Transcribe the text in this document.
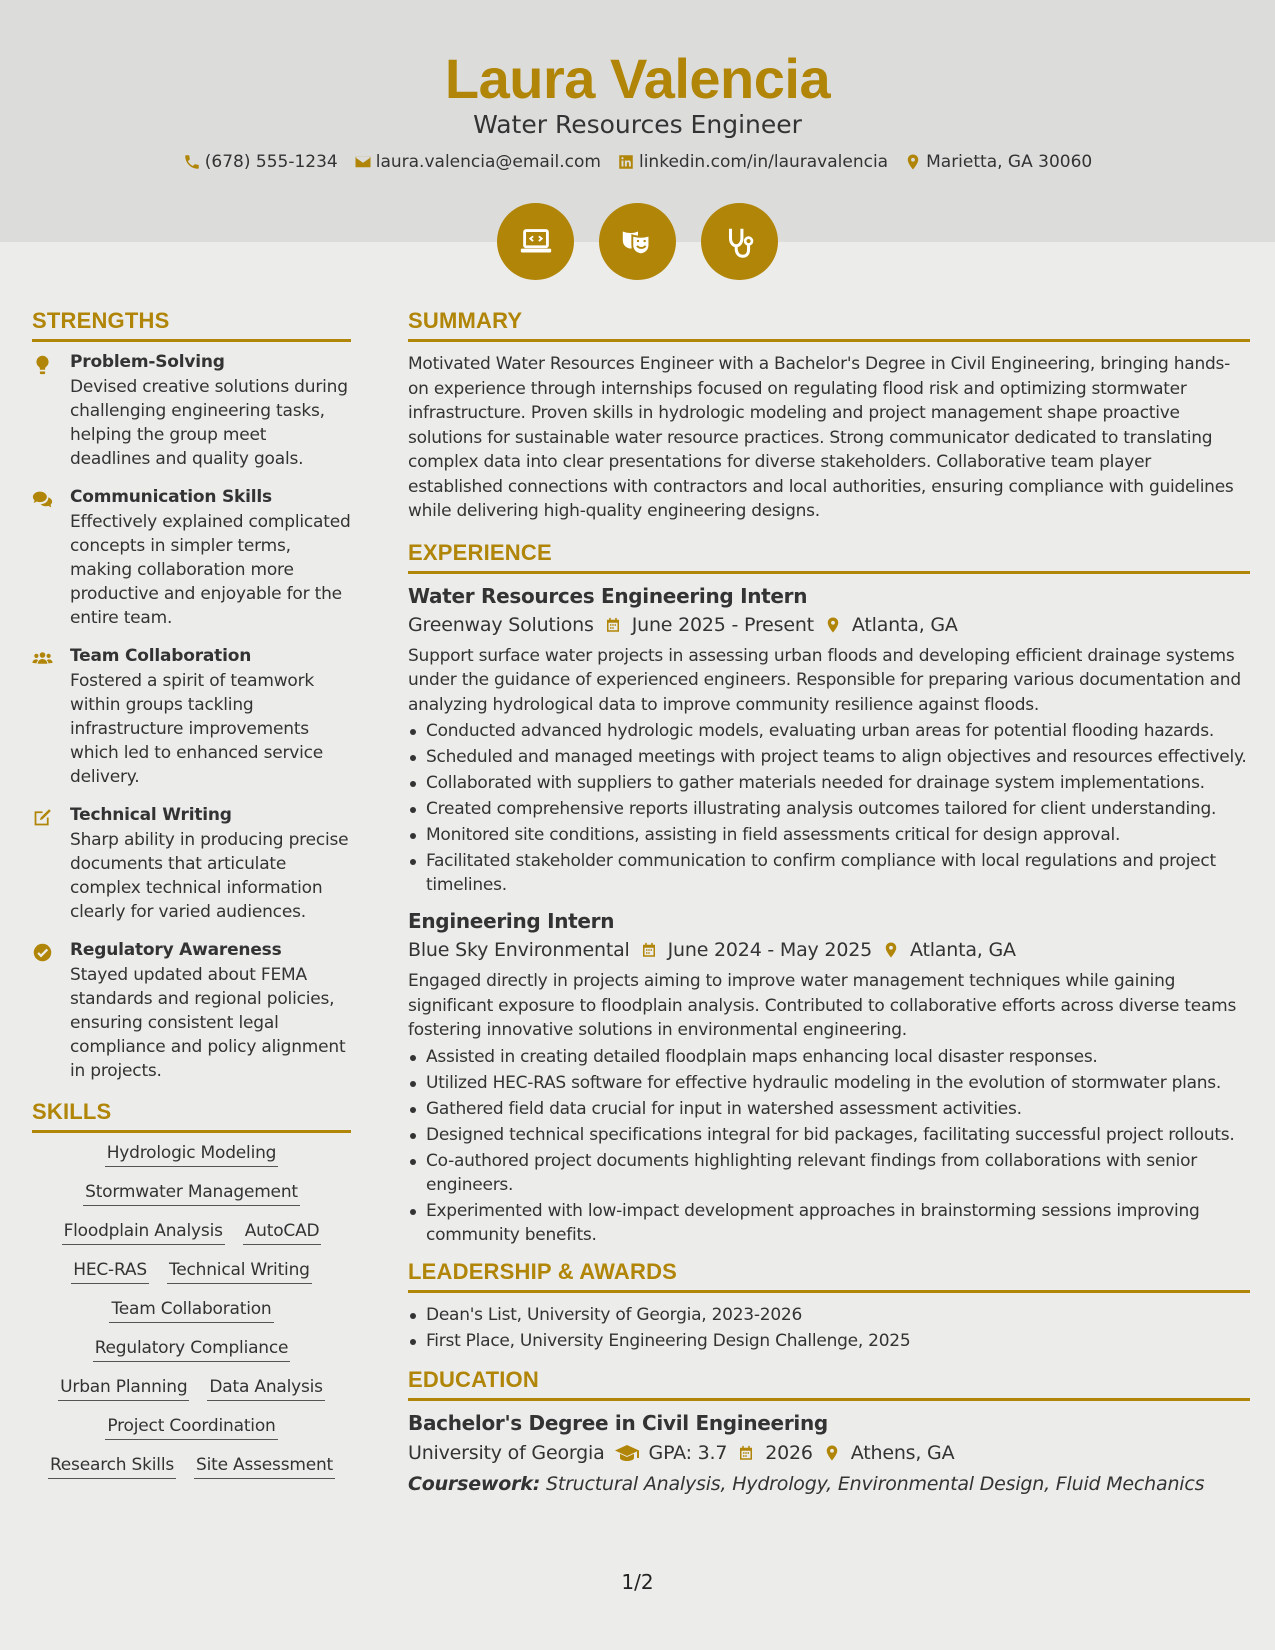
Laura Valencia
Water Resources Engineer
(678) 555-1234 laura.valencia@email.com linkedin.com/in/lauravalencia Marietta, GA 30060
STRENGTHS
Problem-Solving

Devised creative solutions during challenging engineering tasks, helping the group meet deadlines and quality goals.

Communication Skills

Effectively explained complicated concepts in simpler terms, making collaboration more productive and enjoyable for the entire team.

Team Collaboration

Fostered a spirit of teamwork within groups tackling infrastructure improvements which led to enhanced service delivery.

Technical Writing

Sharp ability in producing precise documents that articulate complex technical information clearly for varied audiences.

Regulatory Awareness

Stayed updated about FEMA standards and regional policies, ensuring consistent legal compliance and policy alignment in projects.

SKILLS
Hydrologic Modeling
Stormwater Management
Floodplain Analysis AutoCAD
HEC-RAS Technical Writing
Team Collaboration
Regulatory Compliance
Urban Planning Data Analysis
Project Coordination
Research Skills Site Assessment
SUMMARY

Motivated Water Resources Engineer with a Bachelor's Degree in Civil Engineering, bringing hands-on experience through internships focused on regulating flood risk and optimizing stormwater infrastructure. Proven skills in hydrologic modeling and project management shape proactive solutions for sustainable water resource practices. Strong communicator dedicated to translating complex data into clear presentations for diverse stakeholders. Collaborative team player established connections with contractors and local authorities, ensuring compliance with guidelines while delivering high-quality engineering designs.

EXPERIENCE
Water Resources Engineering Intern
Greenway Solutions June 2025 - Present Atlanta, GA

Support surface water projects in assessing urban floods and developing efficient drainage systems under the guidance of experienced engineers. Responsible for preparing various documentation and analyzing hydrological data to improve community resilience against floods.

Conducted advanced hydrologic models, evaluating urban areas for potential flooding hazards.
Scheduled and managed meetings with project teams to align objectives and resources effectively.
Collaborated with suppliers to gather materials needed for drainage system implementations.
Created comprehensive reports illustrating analysis outcomes tailored for client understanding.
Monitored site conditions, assisting in field assessments critical for design approval.
Facilitated stakeholder communication to confirm compliance with local regulations and project timelines.
Engineering Intern
Blue Sky Environmental June 2024 - May 2025 Atlanta, GA

Engaged directly in projects aiming to improve water management techniques while gaining significant exposure to floodplain analysis. Contributed to collaborative efforts across diverse teams fostering innovative solutions in environmental engineering.

Assisted in creating detailed floodplain maps enhancing local disaster responses.
Utilized HEC-RAS software for effective hydraulic modeling in the evolution of stormwater plans.
Gathered field data crucial for input in watershed assessment activities.
Designed technical specifications integral for bid packages, facilitating successful project rollouts.
Co-authored project documents highlighting relevant findings from collaborations with senior engineers.
Experimented with low-impact development approaches in brainstorming sessions improving community benefits.
LEADERSHIP & AWARDS
Dean's List, University of Georgia, 2023-2026
First Place, University Engineering Design Challenge, 2025
EDUCATION
Bachelor's Degree in Civil Engineering
University of Georgia GPA: 3.7 2026 Athens, GA
Coursework: Structural Analysis, Hydrology, Environmental Design, Fluid Mechanics
1/2
